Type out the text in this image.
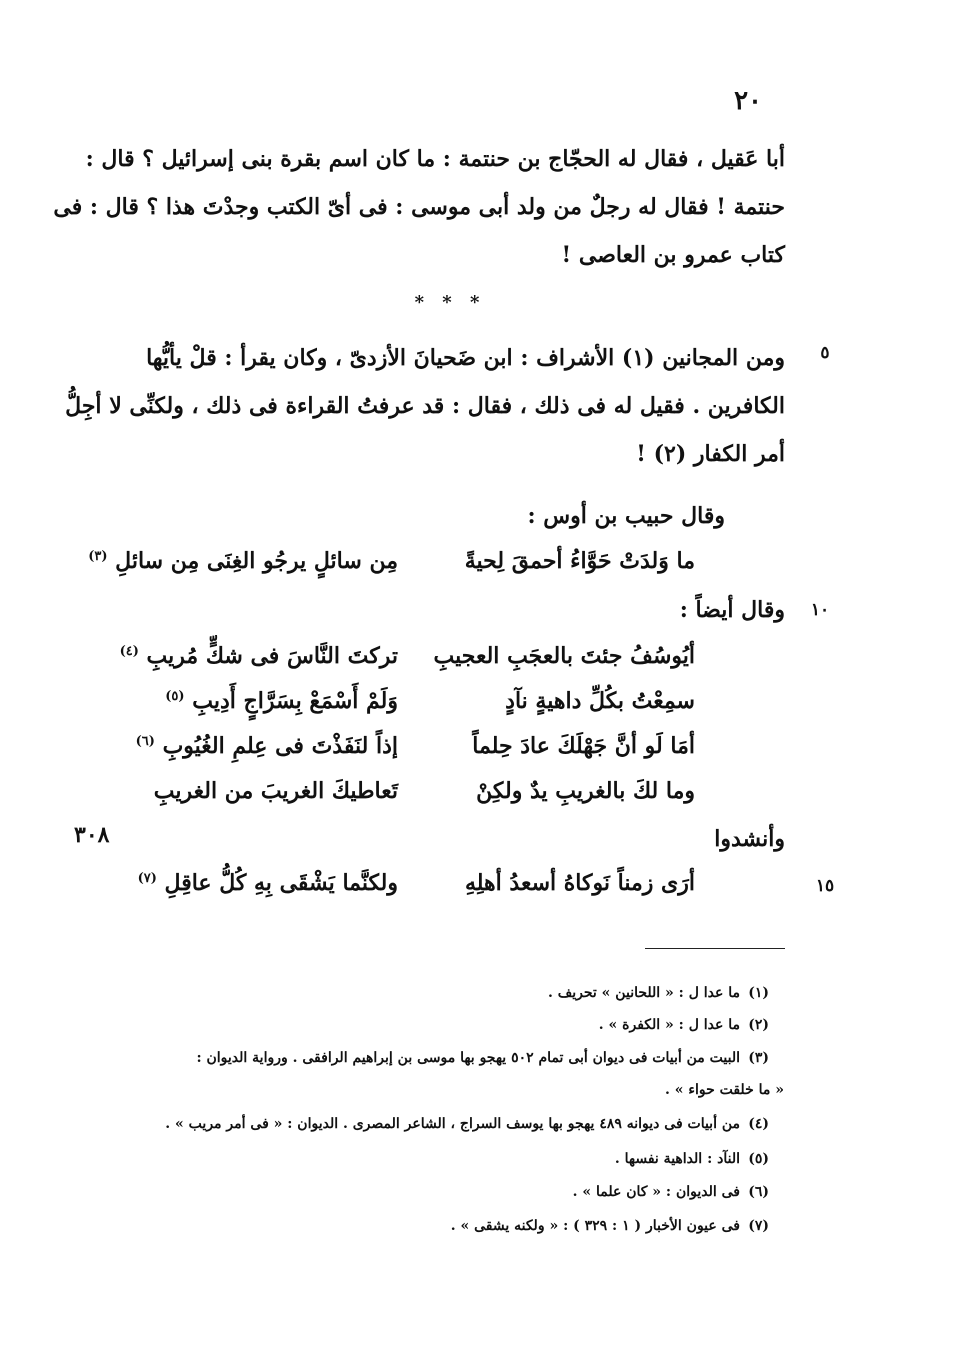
٢٠
أبا عَقيل ، فقال له الحجّاج بن حنتمة : ما كان اسم بقرة بنى إسرائيل ؟ قال :
حنتمة ! فقال له رجلٌ من ولد أبى موسى : فى أىّ الكتب وجدْتَ هذا ؟ قال : فى
كتاب عمرو بن العاصى !
* * *
٥
ومن المجانين (١) الأشراف : ابن ضَحيانَ الأزدىّ ، وكان يقرأ : قلْ يأيُّها
الكافرين . فقيل له فى ذلك ، فقال : قد عرفتُ القراءة فى ذلك ، ولكنِّى لا أجِلُّ
أمر الكفار (٢) !
وقال حبيب بن أوس :
ما وَلدَتْ حَوَّاءُ أحمقَ لِحيةً
مِن سائلٍ يرجُو الغِنَى مِن سائلِ $^{(٣)}$
١٠
وقال أيضاً :
أيُوسُفُ جئتَ بالعجَبِ العجيبِ
تركتَ النَّاسَ فى شكٍّ مُريبِ $^{(٤)}$
سمِعْتُ بكُلِّ داهيةٍ نآدٍ
وَلَمْ أَسْمَعْ بِسَرَّاجٍ أَدِيبِ $^{(٥)}$
أمَا لَو أنَّ جَهْلَكَ عادَ حِلماً
إذاً لنَفَذْتَ فى عِلمِ الغُيُوبِ $^{(٦)}$
وما لكَ بالغريبِ يدٌ ولكِنْ
تَعاطيكَ الغريبَ من الغريبِ
٣٠٨	وأنشدوا
١٥
أرَى زمناً نَوكاهُ أسعدُ أهلِهِ
ولكنَّما يَشْقَى بِهِ كُلُّ عاقِلِ $^{(٧)}$
(١)
ما عدا ل : « اللحانين » تحريف .
(٢)
ما عدا ل : « الكفرة » .
(٣)
البيت من أبيات فى ديوان أبى تمام ٥٠٢ يهجو بها موسى بن إبراهيم الرافقى . ورواية الديوان :
« ما خلقت حواء » .
(٤)
من أبيات فى ديوانه ٤٨٩ يهجو بها يوسف السراج ، الشاعر المصرى . الديوان : « فى أمر مريب » .
(٥)
النآد : الداهية نفسها .
(٦)
فى الديوان : « كان علما » .
(٧)
فى عيون الأخبار ( ١ : ٣٢٩ ) : « ولكنه يشقى » .
